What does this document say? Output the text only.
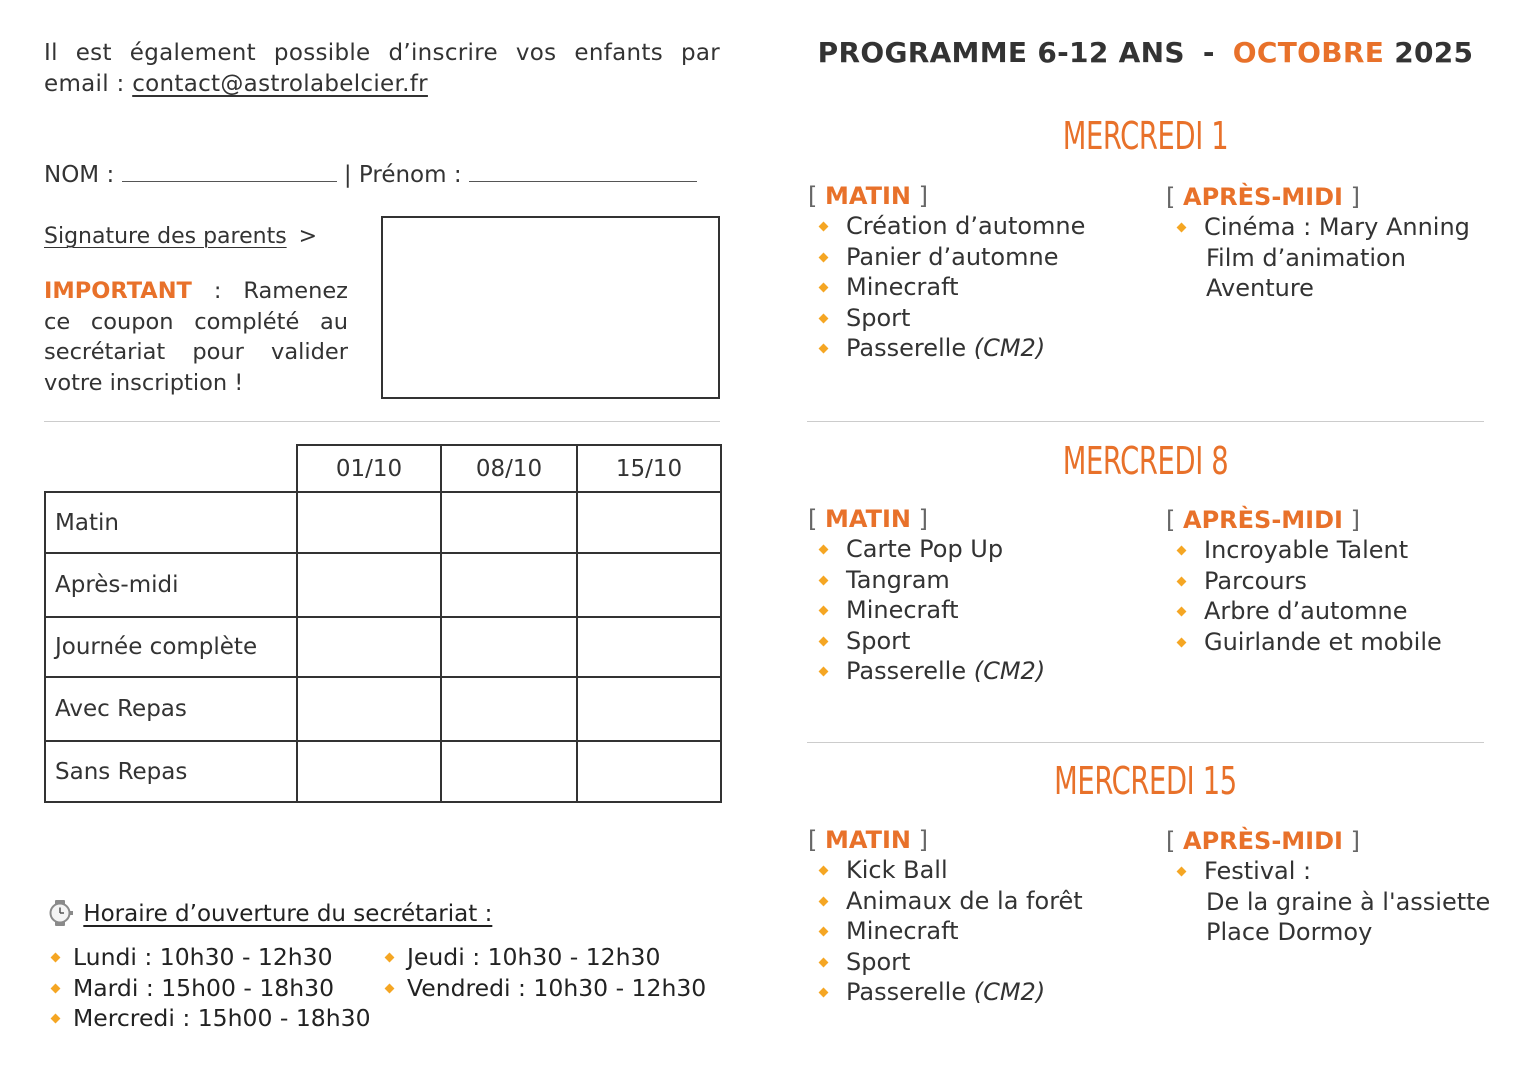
Il est également possible d’inscrire vos enfants par email : contact@astrolabelcier.fr
NOM :	| Prénom :
Signature des parents >
IMPORTANT : Ramenez ce coupon complété au secrétariat pour valider votre inscription !
	01/10	08/10	15/10
Matin			
Après-midi			
Journée complète			
Avec Repas			
Sans Repas			
Horaire d’ouverture du secrétariat :
Lundi : 10h30 - 12h30
Mardi : 15h00 - 18h30
Mercredi : 15h00 - 18h30
Jeudi : 10h30 - 12h30
Vendredi : 10h30 - 12h30
PROGRAMME 6-12 ANS - OCTOBRE 2025
MERCREDI 1
[ MATIN ]
Création d’automne
Panier d’automne
Minecraft
Sport
Passerelle (CM2)
[ APRÈS-MIDI ]
Cinéma : Mary Anning
Film d’animation
Aventure
MERCREDI 8
[ MATIN ]
Carte Pop Up
Tangram
Minecraft
Sport
Passerelle (CM2)
[ APRÈS-MIDI ]
Incroyable Talent
Parcours
Arbre d’automne
Guirlande et mobile
MERCREDI 15
[ MATIN ]
Kick Ball
Animaux de la forêt
Minecraft
Sport
Passerelle (CM2)
[ APRÈS-MIDI ]
Festival :
De la graine à l'assiette
Place Dormoy
